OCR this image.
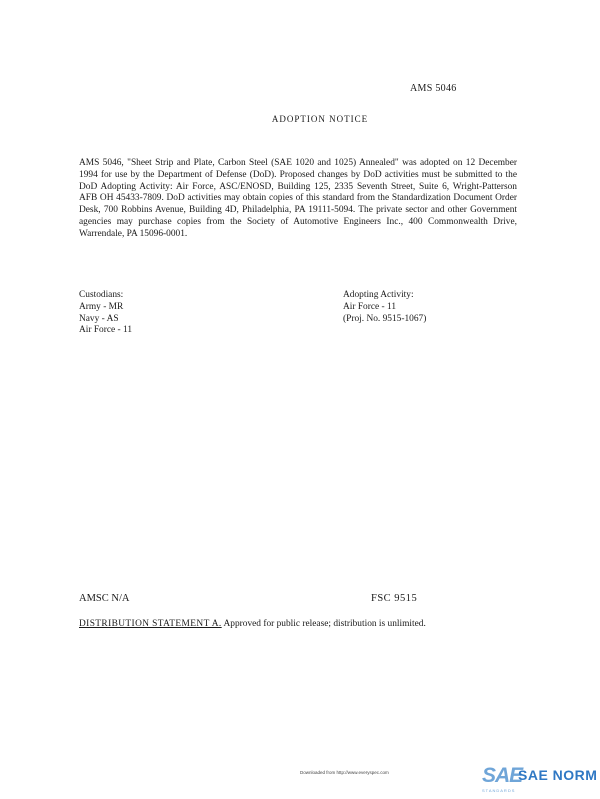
AMS 5046
ADOPTION NOTICE
AMS 5046, "Sheet Strip and Plate, Carbon Steel (SAE 1020 and 1025) Annealed" was adopted on 12 December 1994 for use by the Department of Defense (DoD). Proposed changes by DoD activities must be submitted to the DoD Adopting Activity: Air Force, ASC/ENOSD, Building 125, 2335 Seventh Street, Suite 6, Wright-Patterson AFB OH 45433-7809. DoD activities may obtain copies of this standard from the Standardization Document Order Desk, 700 Robbins Avenue, Building 4D, Philadelphia, PA 19111-5094. The private sector and other Government agencies may purchase copies from the Society of Automotive Engineers Inc., 400 Commonwealth Drive, Warrendale, PA 15096-0001.
Custodians:
Army - MR
Navy - AS
Air Force - 11
Adopting Activity:
Air Force - 11
(Proj. No. 9515-1067)
AMSC N/A	FSC 9515
DISTRIBUTION STATEMENT A. Approved for public release; distribution is unlimited.
Downloaded from http://www.everyspec.com	SAE
SAE NORM
STANDARDS
